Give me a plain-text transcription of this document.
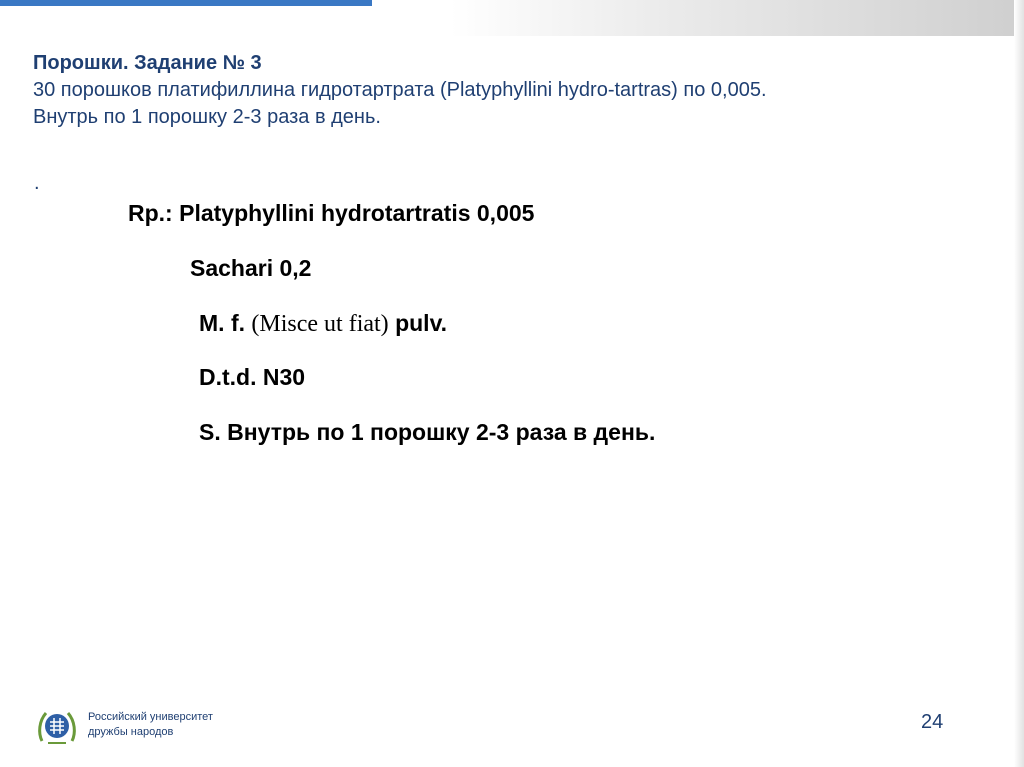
Порошки. Задание № 3
30 порошков платифиллина гидротартрата (Platyphyllini hydro-tartras) по 0,005.
Внутрь по 1 порошку 2-3 раза в день.
.
Rp.: Platyphyllini hydrotartratis 0,005
Sachari 0,2
M. f. (Misce ut fiat) pulv.
D.t.d. N30
S. Внутрь по 1 порошку 2-3 раза в день.
Российский университет
дружбы народов	24
